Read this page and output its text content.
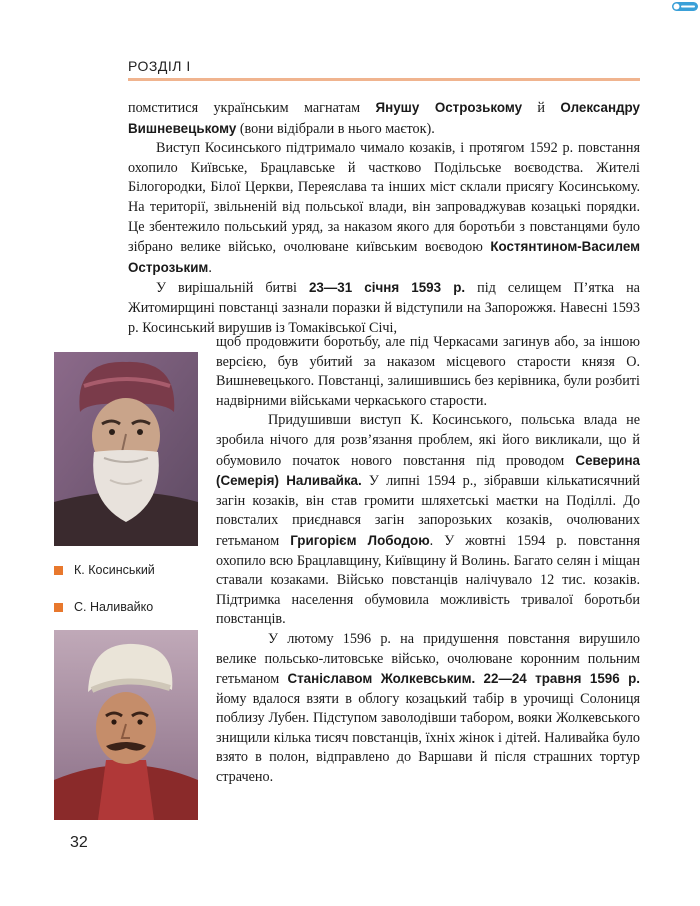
РОЗДІЛ І

помститися українським магнатам Янушу Острозькому й Олександру Вишневецькому (вони відібрали в нього маєток).

Виступ Косинського підтримало чимало козаків, і протягом 1592 р. повстання охопило Київське, Брацлавське й частково Подільське воєводства. Жителі Білогородки, Білої Церкви, Переяслава та інших міст склали присягу Косинському. На території, звільненій від польської влади, він запроваджував козацькі порядки. Це збентежило польський уряд, за наказом якого для боротьби з повстанцями було зібрано велике військо, очолюване київським воєводою Костянтином-Василем Острозьким.

У вирішальній битві 23—31 січня 1593 р. під селищем П’ятка на Житомирщині повстанці зазнали поразки й відступили на Запорожжя. Навесні 1593 р. Косинський вирушив із Томаківської Січі,

щоб продовжити боротьбу, але під Черкасами загинув або, за іншою версією, був убитий за наказом місцевого старости князя О. Вишневецького. Повстанці, залишившись без керівника, були розбиті надвірними військами черкаського старости.

Придушивши виступ К. Косинського, польська влада не зробила нічого для розв’язання проблем, які його викликали, що й обумовило початок нового повстання під проводом Северина (Семерія) Наливайка. У липні 1594 р., зібравши кількатисячний загін козаків, він став громити шляхетські маєтки на Поділлі. До повсталих приєднався загін запорозьких козаків, очолюваних гетьманом Григорієм Лободою. У жовтні 1594 р. повстання охопило всю Брацлавщину, Київщину й Волинь. Багато селян і міщан ставали козаками. Військо повстанців налічувало 12 тис. козаків. Підтримка населення обумовила можливість тривалої боротьби повстанців.

У лютому 1596 р. на придушення повстання вирушило велике польсько-литовське військо, очолюване коронним польним гетьманом Станіславом Жолкевським. 22—24 травня 1596 р. йому вдалося взяти в облогу козацький табір в урочищі Солониця поблизу Лубен. Підступом заволодівши табором, вояки Жолкевського знищили кілька тисяч повстанців, їхніх жінок і дітей. Наливайка було взято в полон, відправлено до Варшави й після страшних тортур страчено.

К. Косинський
С. Наливайко
32
